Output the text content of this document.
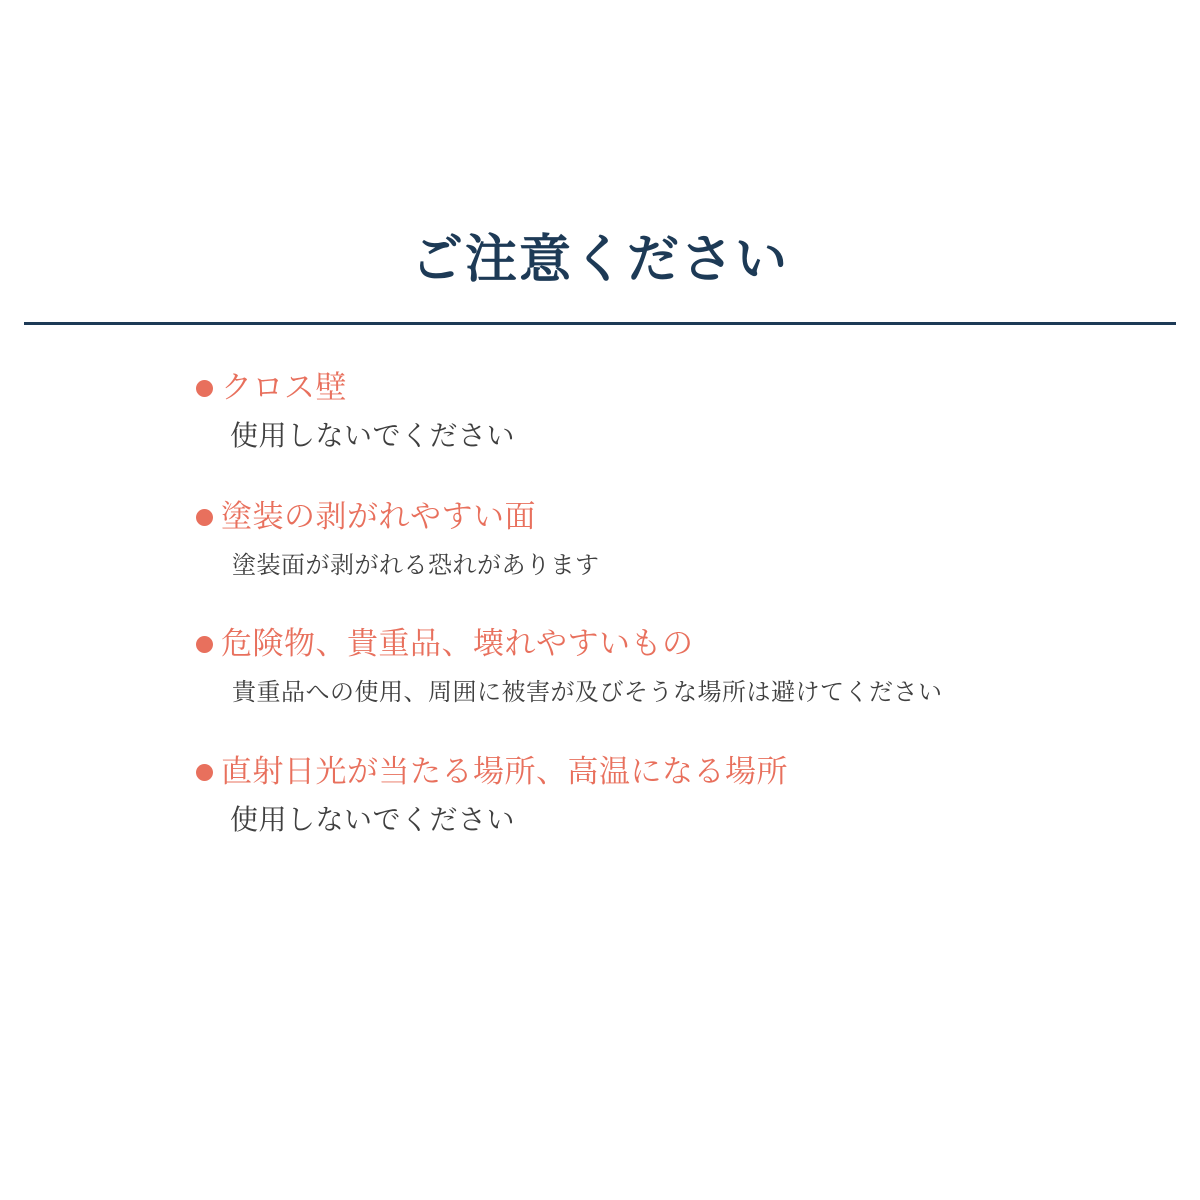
ご注意ください
クロス壁
使用しないでください
塗装の剥がれやすい面
塗装面が剥がれる恐れがあります
危険物、貴重品、壊れやすいもの
貴重品への使用、周囲に被害が及びそうな場所は避けてください
直射日光が当たる場所、高温になる場所
使用しないでください
